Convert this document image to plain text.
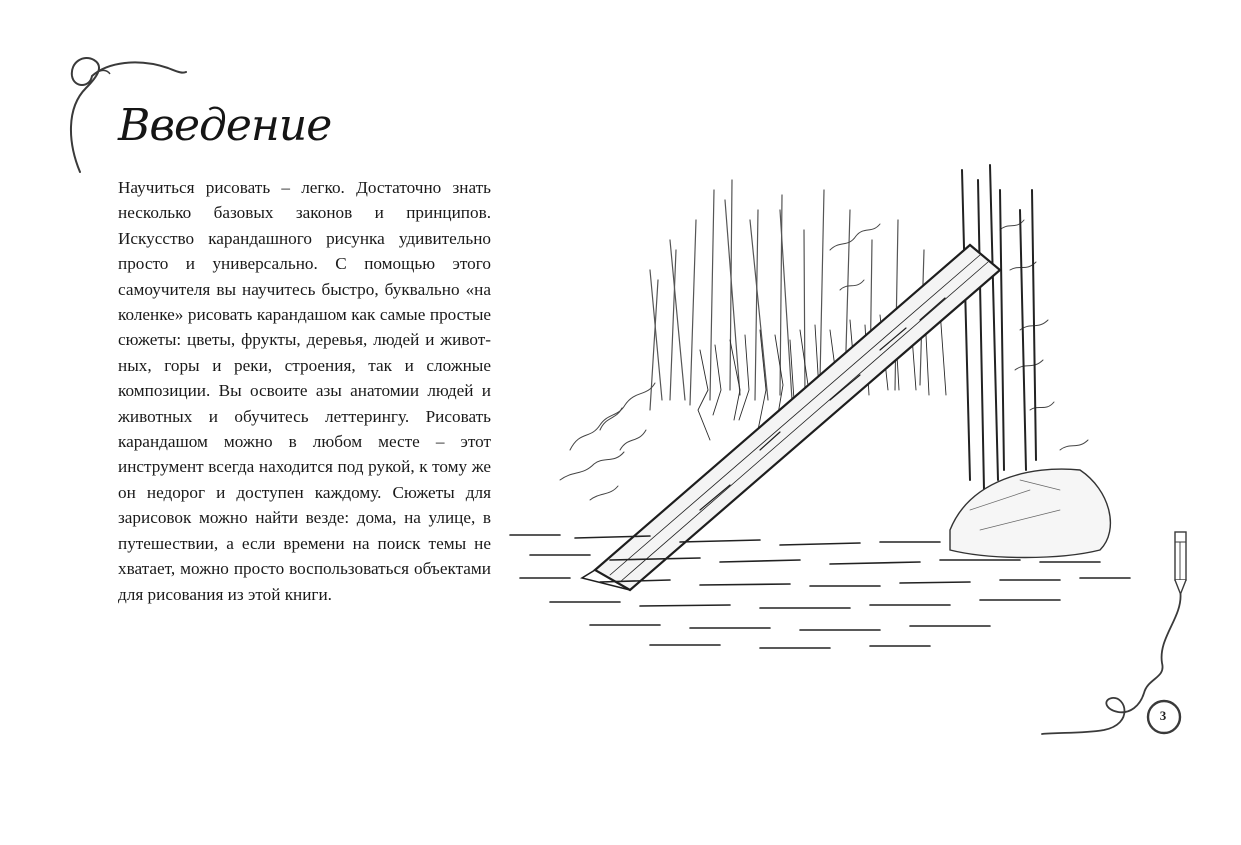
Введение

Научиться рисовать – легко. Достаточно знать несколько базовых законов и принципов. Искусство карандашного рисунка удивительно просто и универсально. С помощью этого самоучителя вы научитесь быстро, буквально «на коленке» рисовать карандашом как самые простые сюжеты: цветы, фрукты, деревья, людей и животных, горы и реки, строения, так и сложные композиции. Вы освоите азы анатомии людей и животных и обучитесь леттерингу. Рисовать карандашом можно в любом месте – этот инструмент всегда находится под рукой, к тому же он недорог и доступен каждому. Сюжеты для зарисовок можно найти везде: дома, на улице, в путешествии, а если времени на поиск темы не хватает, можно просто воспользоваться объектами для рисования из этой книги.

3
